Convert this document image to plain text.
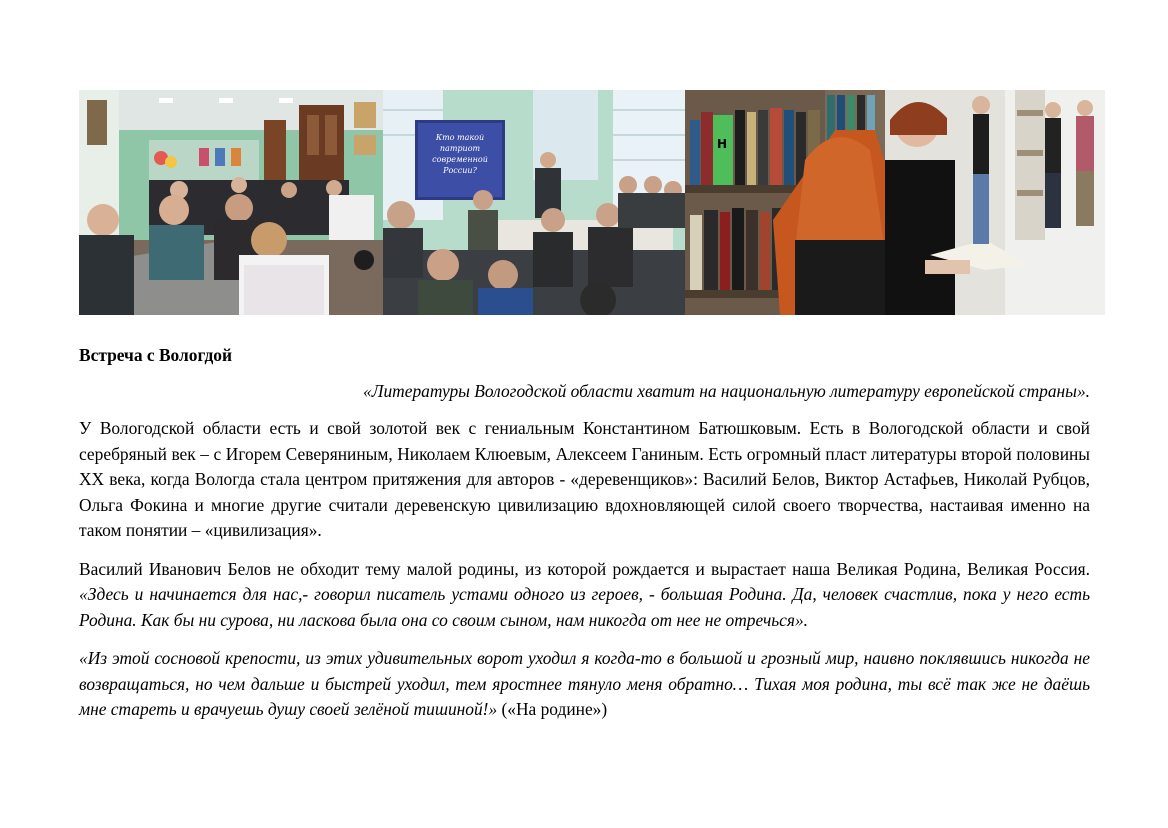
Кто такой
патриот
современной
России?
Н
Встреча с Вологдой
«Литературы Вологодской области хватит на национальную литературу европейской страны».
У Вологодской области есть и свой золотой век с гениальным Константином Батюшковым. Есть в Вологодской области и свой серебряный век – с Игорем Северяниным, Николаем Клюевым, Алексеем Ганиным. Есть огромный пласт литературы второй половины XX века, когда Вологда стала центром притяжения для авторов - «деревенщиков»: Василий Белов, Виктор Астафьев, Николай Рубцов, Ольга Фокина и многие другие считали деревенскую цивилизацию вдохновляющей силой своего творчества, настаивая именно на таком понятии – «цивилизация».
Василий Иванович Белов не обходит тему малой родины, из которой рождается и вырастает наша Великая Родина, Великая Россия. «Здесь и начинается для нас,- говорил писатель устами одного из героев, - большая Родина. Да, человек счастлив, пока у него есть Родина. Как бы ни сурова, ни ласкова была она со своим сыном, нам никогда от нее не отречься».
«Из этой сосновой крепости, из этих удивительных ворот уходил я когда-то в большой и грозный мир, наивно поклявшись никогда не возвращаться, но чем дальше и быстрей уходил, тем яростнее тянуло меня обратно… Тихая моя родина, ты всё так же не даёшь мне стареть и врачуешь душу своей зелёной тишиной!» («На родине»)
